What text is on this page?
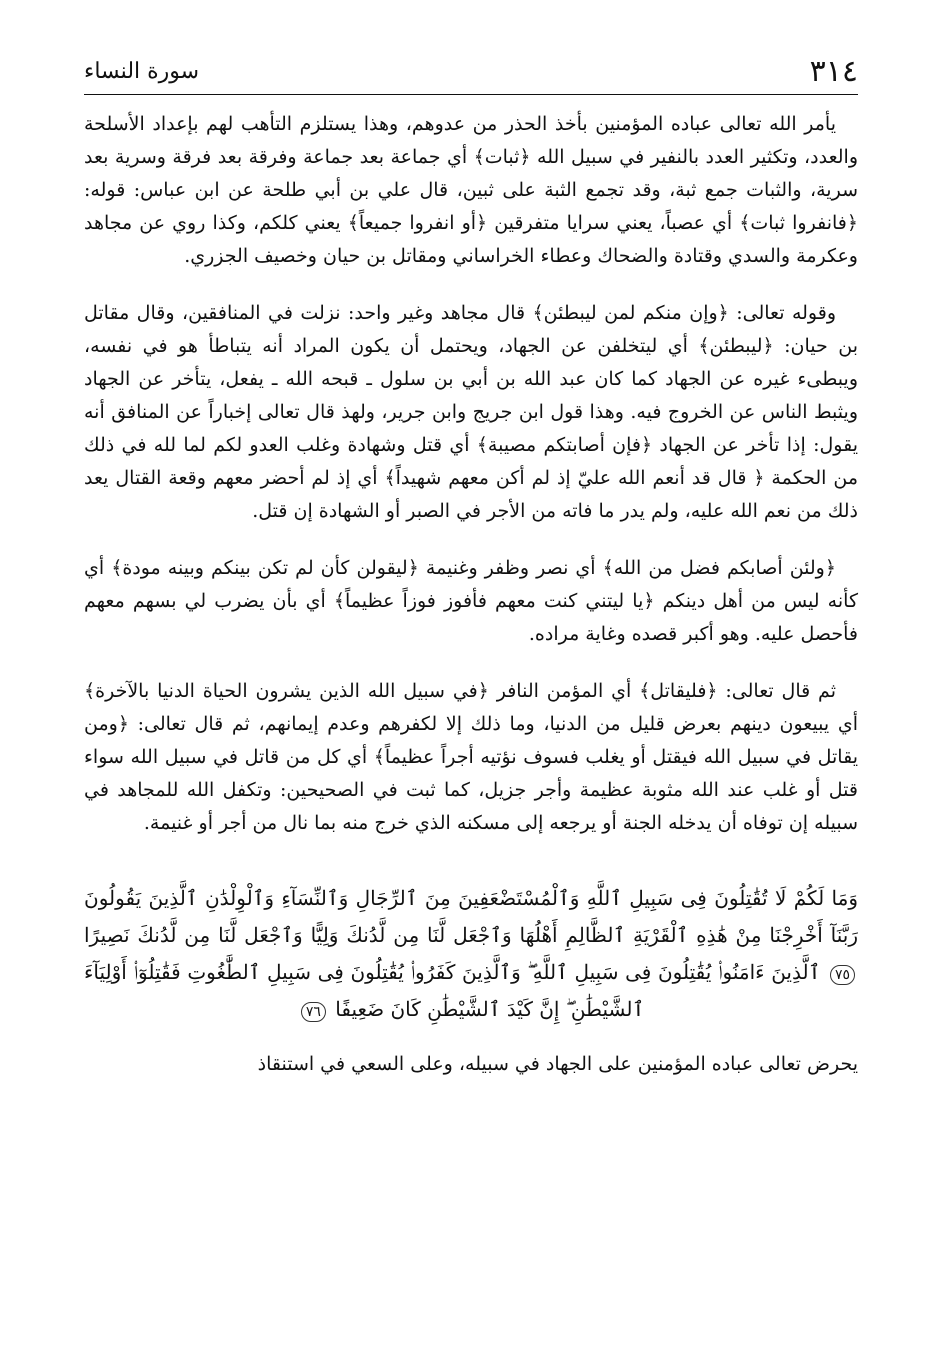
٣١٤
سورة النساء

يأمر الله تعالى عباده المؤمنين بأخذ الحذر من عدوهم، وهذا يستلزم التأهب لهم بإعداد الأسلحة والعدد، وتكثير العدد بالنفير في سبيل الله ﴿ثبات﴾ أي جماعة بعد جماعة وفرقة بعد فرقة وسرية بعد سرية، والثبات جمع ثبة، وقد تجمع الثبة على ثبين، قال علي بن أبي طلحة عن ابن عباس: قوله: ﴿فانفروا ثبات﴾ أي عصباً، يعني سرايا متفرقين ﴿أو انفروا جميعاً﴾ يعني كلكم، وكذا روي عن مجاهد وعكرمة والسدي وقتادة والضحاك وعطاء الخراساني ومقاتل بن حيان وخصيف الجزري.

وقوله تعالى: ﴿وإن منكم لمن ليبطئن﴾ قال مجاهد وغير واحد: نزلت في المنافقين، وقال مقاتل بن حيان: ﴿ليبطئن﴾ أي ليتخلفن عن الجهاد، ويحتمل أن يكون المراد أنه يتباطأ هو في نفسه، ويبطىء غيره عن الجهاد كما كان عبد الله بن أبي بن سلول ـ قبحه الله ـ يفعل، يتأخر عن الجهاد ويثبط الناس عن الخروج فيه. وهذا قول ابن جريج وابن جرير، ولهذ قال تعالى إخباراً عن المنافق أنه يقول: إذا تأخر عن الجهاد ﴿فإن أصابتكم مصيبة﴾ أي قتل وشهادة وغلب العدو لكم لما لله في ذلك من الحكمة ﴿ قال قد أنعم الله عليّ إذ لم أكن معهم شهيداً﴾ أي إذ لم أحضر معهم وقعة القتال يعد ذلك من نعم الله عليه، ولم يدر ما فاته من الأجر في الصبر أو الشهادة إن قتل.

﴿ولئن أصابكم فضل من الله﴾ أي نصر وظفر وغنيمة ﴿ليقولن كأن لم تكن بينكم وبينه مودة﴾ أي كأنه ليس من أهل دينكم ﴿يا ليتني كنت معهم فأفوز فوزاً عظيماً﴾ أي بأن يضرب لي بسهم معهم فأحصل عليه. وهو أكبر قصده وغاية مراده.

ثم قال تعالى: ﴿فليقاتل﴾ أي المؤمن النافر ﴿في سبيل الله الذين يشرون الحياة الدنيا بالآخرة﴾ أي يبيعون دينهم بعرض قليل من الدنيا، وما ذلك إلا لكفرهم وعدم إيمانهم، ثم قال تعالى: ﴿ومن يقاتل في سبيل الله فيقتل أو يغلب فسوف نؤتيه أجراً عظيماً﴾ أي كل من قاتل في سبيل الله سواء قتل أو غلب عند الله مثوبة عظيمة وأجر جزيل، كما ثبت في الصحيحين: وتكفل الله للمجاهد في سبيله إن توفاه أن يدخله الجنة أو يرجعه إلى مسكنه الذي خرج منه بما نال من أجر أو غنيمة.

وَمَا لَكُمْ لَا تُقَٰتِلُونَ فِى سَبِيلِ ٱللَّهِ وَٱلْمُسْتَضْعَفِينَ مِنَ ٱلرِّجَالِ وَٱلنِّسَآءِ وَٱلْوِلْدَٰنِ ٱلَّذِينَ يَقُولُونَ رَبَّنَآ أَخْرِجْنَا مِنْ هَٰذِهِ ٱلْقَرْيَةِ ٱلظَّالِمِ أَهْلُهَا وَٱجْعَل لَّنَا مِن لَّدُنكَ وَلِيًّا وَٱجْعَل لَّنَا مِن لَّدُنكَ نَصِيرًا ٧٥ ٱلَّذِينَ ءَامَنُوا۟ يُقَٰتِلُونَ فِى سَبِيلِ ٱللَّهِ ۖ وَٱلَّذِينَ كَفَرُوا۟ يُقَٰتِلُونَ فِى سَبِيلِ ٱلطَّٰغُوتِ فَقَٰتِلُوٓا۟ أَوْلِيَآءَ ٱلشَّيْطَٰنِ ۖ إِنَّ كَيْدَ ٱلشَّيْطَٰنِ كَانَ ضَعِيفًا ٧٦

يحرض تعالى عباده المؤمنين على الجهاد في سبيله، وعلى السعي في استنقاذ
